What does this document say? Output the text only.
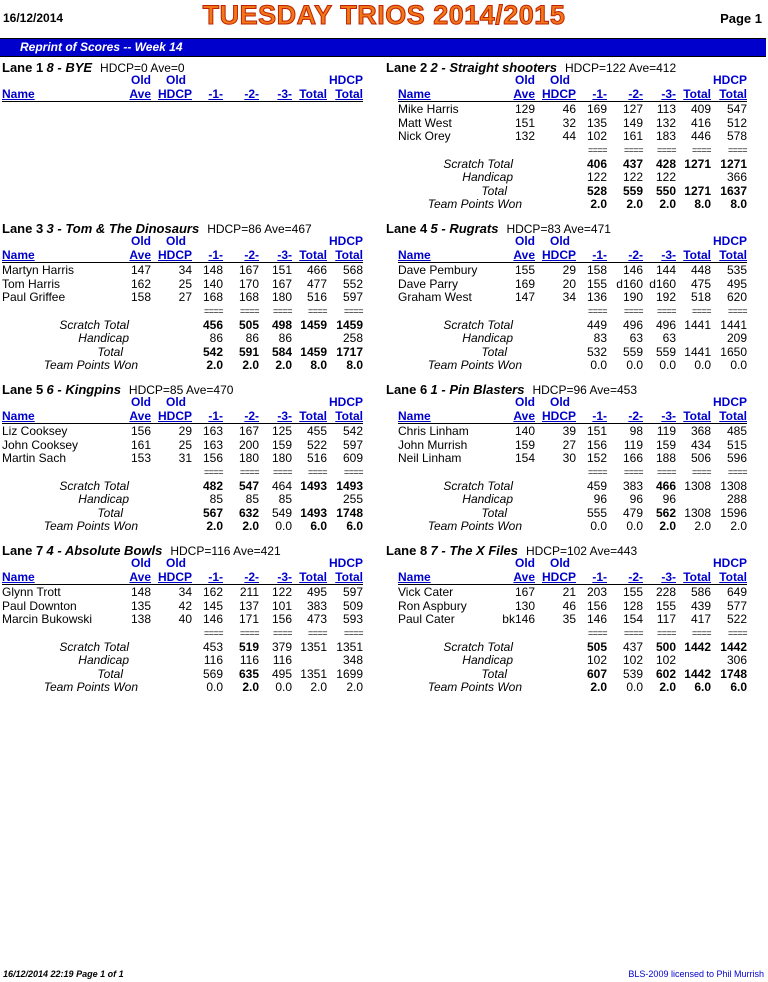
16/12/2014	TUESDAY TRIOS 2014/2015	Page 1
Reprint of Scores -- Week 14
Lane 1 8 - BYE HDCP=0 Ave=0
Old Old	HDCP
Name	Ave HDCP -1- -2- -3- Total Total
Lane 2 2 - Straight shooters HDCP=122 Ave=412
Old Old	HDCP
Name	Ave HDCP -1- -2- -3- Total Total
Mike Harris	129 46 169 127 113 409 547
Matt West	151 32 135 149 132 416 512
Nick Orey	132 44 102 161 183 446 578
==== ==== ==== ==== ====
Scratch Total	406 437 428 1271 1271
Handicap	122 122 122	366
Total	528 559 550 1271 1637
Team Points Won	2.0 2.0 2.0 8.0 8.0
Lane 3 3 - Tom & The Dinosaurs HDCP=86 Ave=467
Old Old	HDCP
Name	Ave HDCP -1- -2- -3- Total Total
Martyn Harris	147 34 148 167 151 466 568
Tom Harris	162 25 140 170 167 477 552
Paul Griffee	158 27 168 168 180 516 597
==== ==== ==== ==== ====
Scratch Total	456 505 498 1459 1459
Handicap	86 86 86	258
Total	542 591 584 1459 1717
Team Points Won	2.0 2.0 2.0 8.0 8.0
Lane 4 5 - Rugrats HDCP=83 Ave=471
Old Old	HDCP
Name	Ave HDCP -1- -2- -3- Total Total
Dave Pembury	155 29 158 146 144 448 535
Dave Parry	169 20 155 d160 d160 475 495
Graham West	147 34 136 190 192 518 620
==== ==== ==== ==== ====
Scratch Total	449 496 496 1441 1441
Handicap	83 63 63	209
Total	532 559 559 1441 1650
Team Points Won	0.0 0.0 0.0 0.0 0.0
Lane 5 6 - Kingpins HDCP=85 Ave=470
Old Old	HDCP
Name	Ave HDCP -1- -2- -3- Total Total
Liz Cooksey	156 29 163 167 125 455 542
John Cooksey	161 25 163 200 159 522 597
Martin Sach	153 31 156 180 180 516 609
==== ==== ==== ==== ====
Scratch Total	482 547 464 1493 1493
Handicap	85 85 85	255
Total	567 632 549 1493 1748
Team Points Won	2.0 2.0 0.0 6.0 6.0
Lane 6 1 - Pin Blasters HDCP=96 Ave=453
Old Old	HDCP
Name	Ave HDCP -1- -2- -3- Total Total
Chris Linham	140 39 151 98 119 368 485
John Murrish	159 27 156 119 159 434 515
Neil Linham	154 30 152 166 188 506 596
==== ==== ==== ==== ====
Scratch Total	459 383 466 1308 1308
Handicap	96 96 96	288
Total	555 479 562 1308 1596
Team Points Won	0.0 0.0 2.0 2.0 2.0
Lane 7 4 - Absolute Bowls HDCP=116 Ave=421
Old Old	HDCP
Name	Ave HDCP -1- -2- -3- Total Total
Glynn Trott	148 34 162 211 122 495 597
Paul Downton	135 42 145 137 101 383 509
Marcin Bukowski	138 40 146 171 156 473 593
==== ==== ==== ==== ====
Scratch Total	453 519 379 1351 1351
Handicap	116 116 116	348
Total	569 635 495 1351 1699
Team Points Won	0.0 2.0 0.0 2.0 2.0
Lane 8 7 - The X Files HDCP=102 Ave=443
Old Old	HDCP
Name	Ave HDCP -1- -2- -3- Total Total
Vick Cater	167 21 203 155 228 586 649
Ron Aspbury	130 46 156 128 155 439 577
Paul Cater	bk146 35 146 154 117 417 522
==== ==== ==== ==== ====
Scratch Total	505 437 500 1442 1442
Handicap	102 102 102	306
Total	607 539 602 1442 1748
Team Points Won	2.0 0.0 2.0 6.0 6.0
16/12/2014 22:19 Page 1 of 1	BLS-2009 licensed to Phil Murrish
